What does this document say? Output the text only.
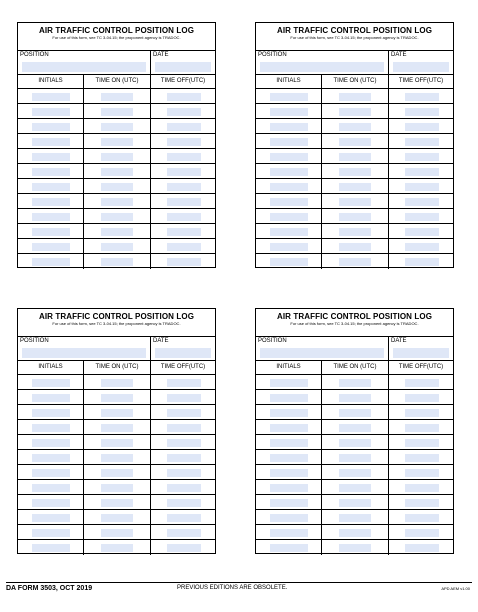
AIR TRAFFIC CONTROL POSITION LOG
For use of this form, see TC 3-04.15; the proponent agency is TRADOC.
POSITION	DATE
INITIALS	TIME ON (UTC)	TIME OFF(UTC)
AIR TRAFFIC CONTROL POSITION LOG
For use of this form, see TC 3-04.15; the proponent agency is TRADOC.
POSITION	DATE
INITIALS	TIME ON (UTC)	TIME OFF(UTC)
AIR TRAFFIC CONTROL POSITION LOG
For use of this form, see TC 3-04.15; the proponent agency is TRADOC.
POSITION	DATE
INITIALS	TIME ON (UTC)	TIME OFF(UTC)
AIR TRAFFIC CONTROL POSITION LOG
For use of this form, see TC 3-04.15; the proponent agency is TRADOC.
POSITION	DATE
INITIALS	TIME ON (UTC)	TIME OFF(UTC)
DA FORM 3503, OCT 2019	PREVIOUS EDITIONS ARE OBSOLETE.	APD AEM v1.00
